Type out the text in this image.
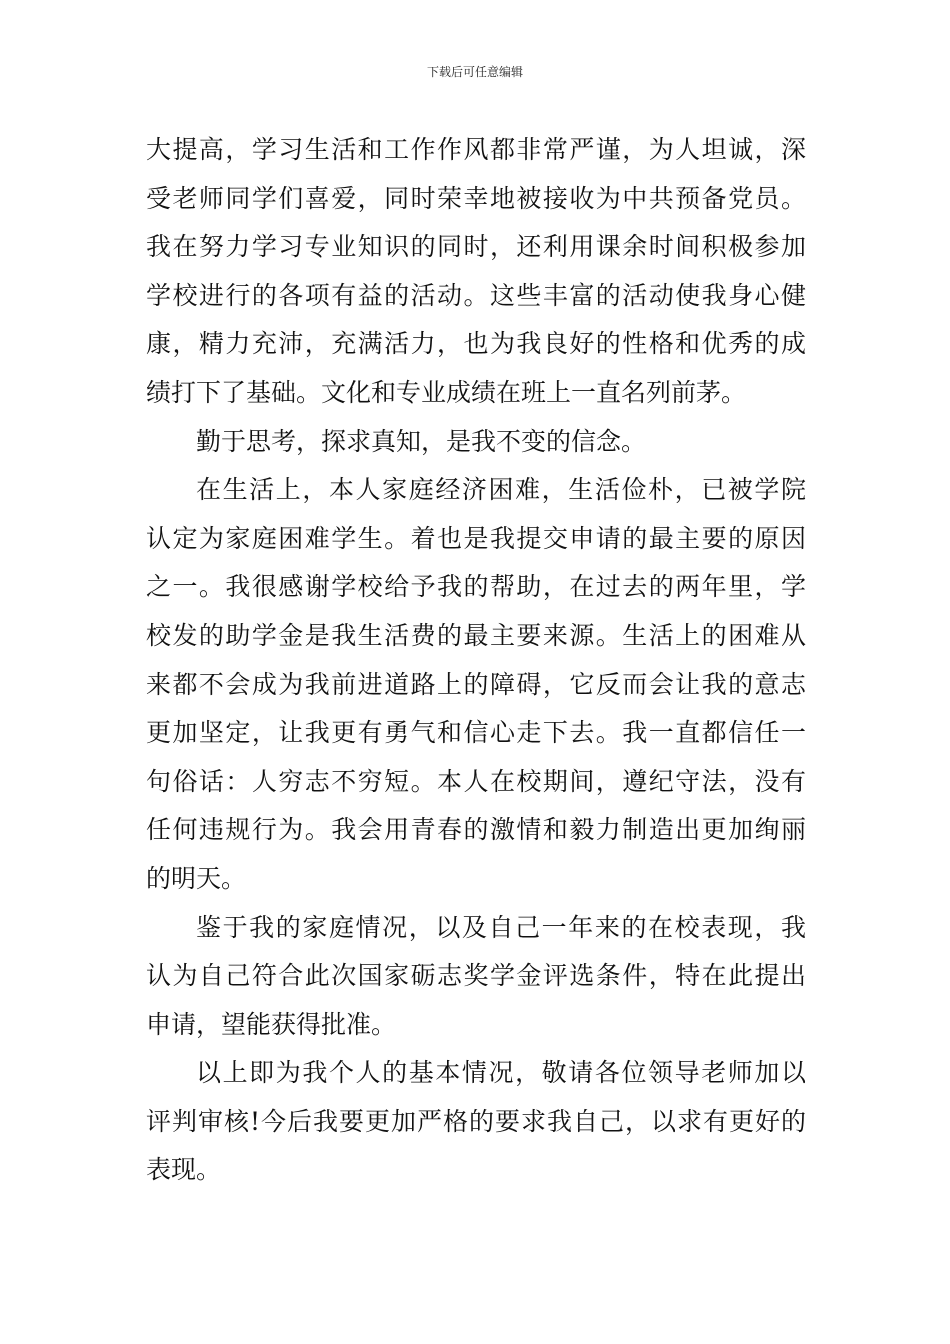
下载后可任意编辑
大提高，学习生活和工作作风都非常严谨，为人坦诚，深
受老师同学们喜爱，同时荣幸地被接收为中共预备党员。
我在努力学习专业知识的同时，还利用课余时间积极参加
学校进行的各项有益的活动。这些丰富的活动使我身心健
康，精力充沛，充满活力，也为我良好的性格和优秀的成
绩打下了基础。文化和专业成绩在班上一直名列前茅。
勤于思考，探求真知，是我不变的信念。
在生活上，本人家庭经济困难，生活俭朴，已被学院
认定为家庭困难学生。着也是我提交申请的最主要的原因
之一。我很感谢学校给予我的帮助，在过去的两年里，学
校发的助学金是我生活费的最主要来源。生活上的困难从
来都不会成为我前进道路上的障碍，它反而会让我的意志
更加坚定，让我更有勇气和信心走下去。我一直都信任一
句俗话：人穷志不穷短。本人在校期间，遵纪守法，没有
任何违规行为。我会用青春的激情和毅力制造出更加绚丽
的明天。
鉴于我的家庭情况，以及自己一年来的在校表现，我
认为自己符合此次国家砺志奖学金评选条件，特在此提出
申请，望能获得批准。
以上即为我个人的基本情况，敬请各位领导老师加以
评判审核!今后我要更加严格的要求我自己，以求有更好的
表现。
